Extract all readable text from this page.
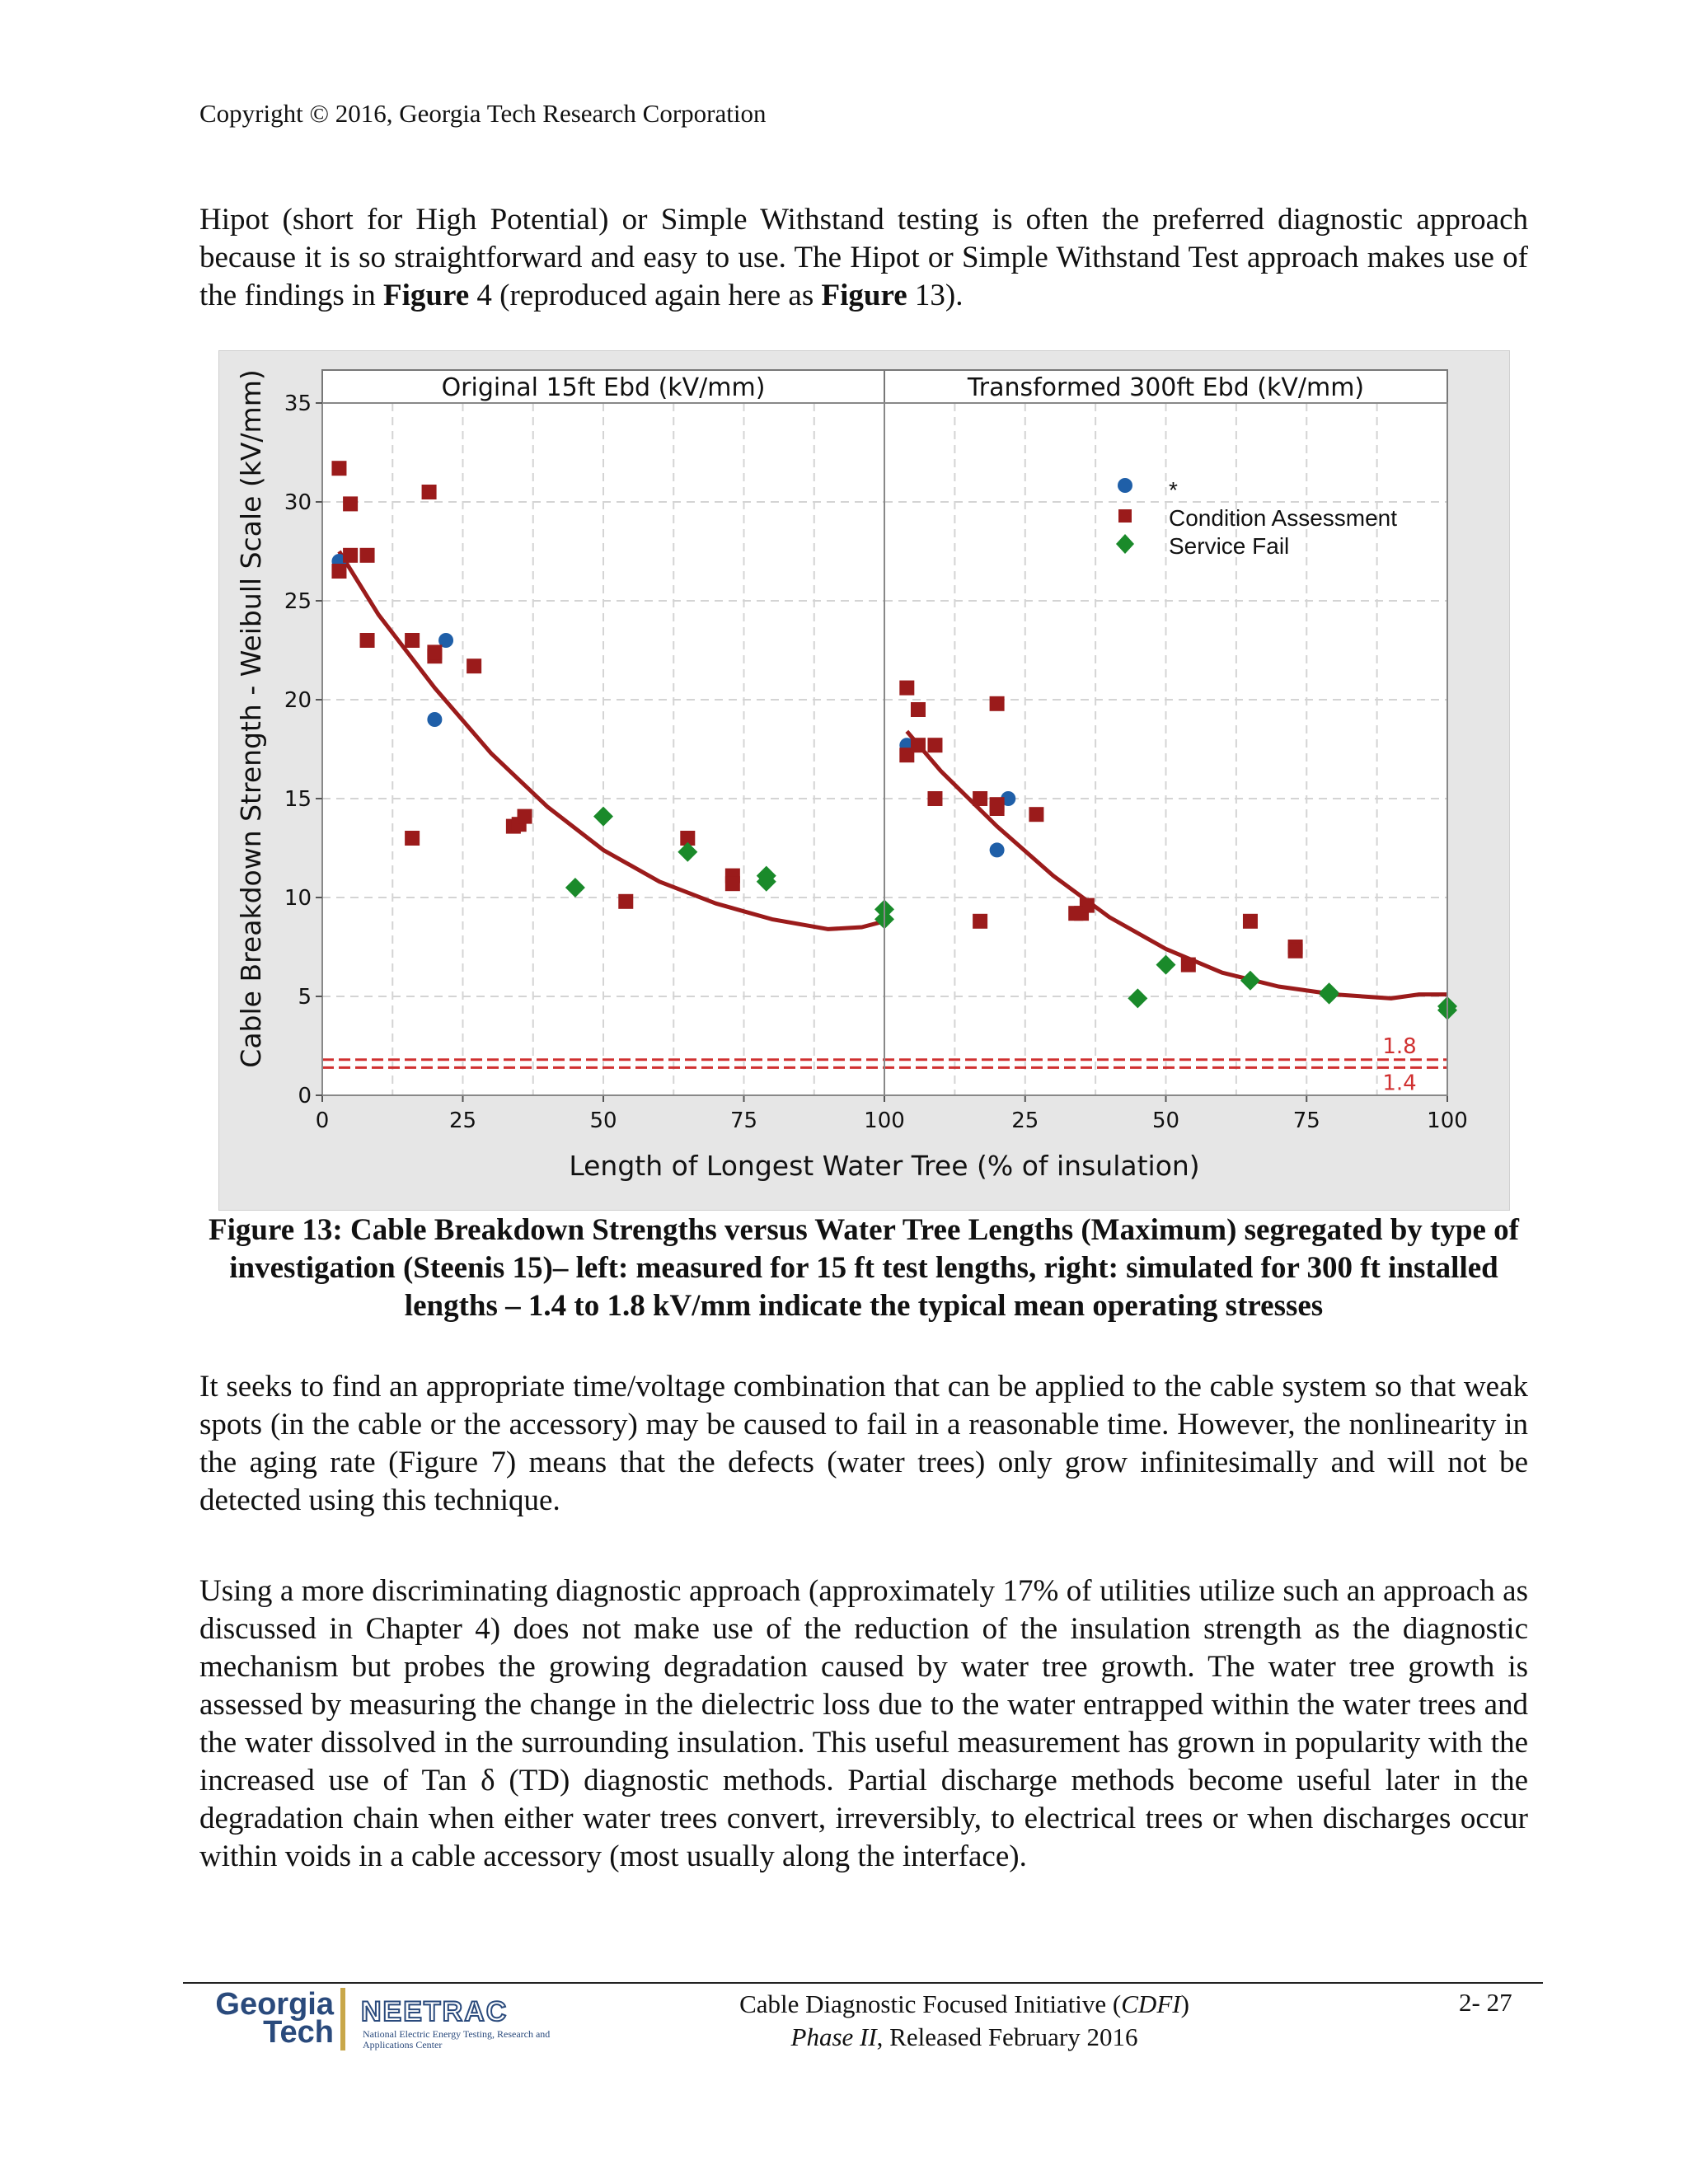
Copyright © 2016, Georgia Tech Research Corporation

Hipot (short for High Potential) or Simple Withstand testing is often the preferred diagnostic approach because it is so straightforward and easy to use. The Hipot or Simple Withstand Test approach makes use of the findings in Figure 4 (reproduced again here as Figure 13).

Cable Breakdown Strength - Weibull Scale (kV/mm)
Length of Longest Water Tree (% of insulation)
Original 15ft Ebd (kV/mm)
0	25	50	75	100
Transformed 300ft Ebd (kV/mm)
25	50	75	100
1.8
1.4
0
5
10
15
20
25
30
35
*
Condition Assessment
Service Fail

Figure 13: Cable Breakdown Strengths versus Water Tree Lengths (Maximum) segregated by type of investigation (Steenis 15)– left: measured for 15 ft test lengths, right: simulated for 300 ft installed lengths – 1.4 to 1.8 kV/mm indicate the typical mean operating stresses

It seeks to find an appropriate time/voltage combination that can be applied to the cable system so that weak spots (in the cable or the accessory) may be caused to fail in a reasonable time. However, the nonlinearity in the aging rate (Figure 7) means that the defects (water trees) only grow infinitesimally and will not be detected using this technique.

Using a more discriminating diagnostic approach (approximately 17% of utilities utilize such an approach as discussed in Chapter 4) does not make use of the reduction of the insulation strength as the diagnostic mechanism but probes the growing degradation caused by water tree growth. The water tree growth is assessed by measuring the change in the dielectric loss due to the water entrapped within the water trees and the water dissolved in the surrounding insulation. This useful measurement has grown in popularity with the increased use of Tan δ (TD) diagnostic methods. Partial discharge methods become useful later in the degradation chain when either water trees convert, irreversibly, to electrical trees or when discharges occur within voids in a cable accessory (most usually along the interface).

Georgia
Tech
NEETRAC
National Electric Energy Testing, Research and Applications Center
Cable Diagnostic Focused Initiative (CDFI)
Phase II, Released February 2016
2- 27
